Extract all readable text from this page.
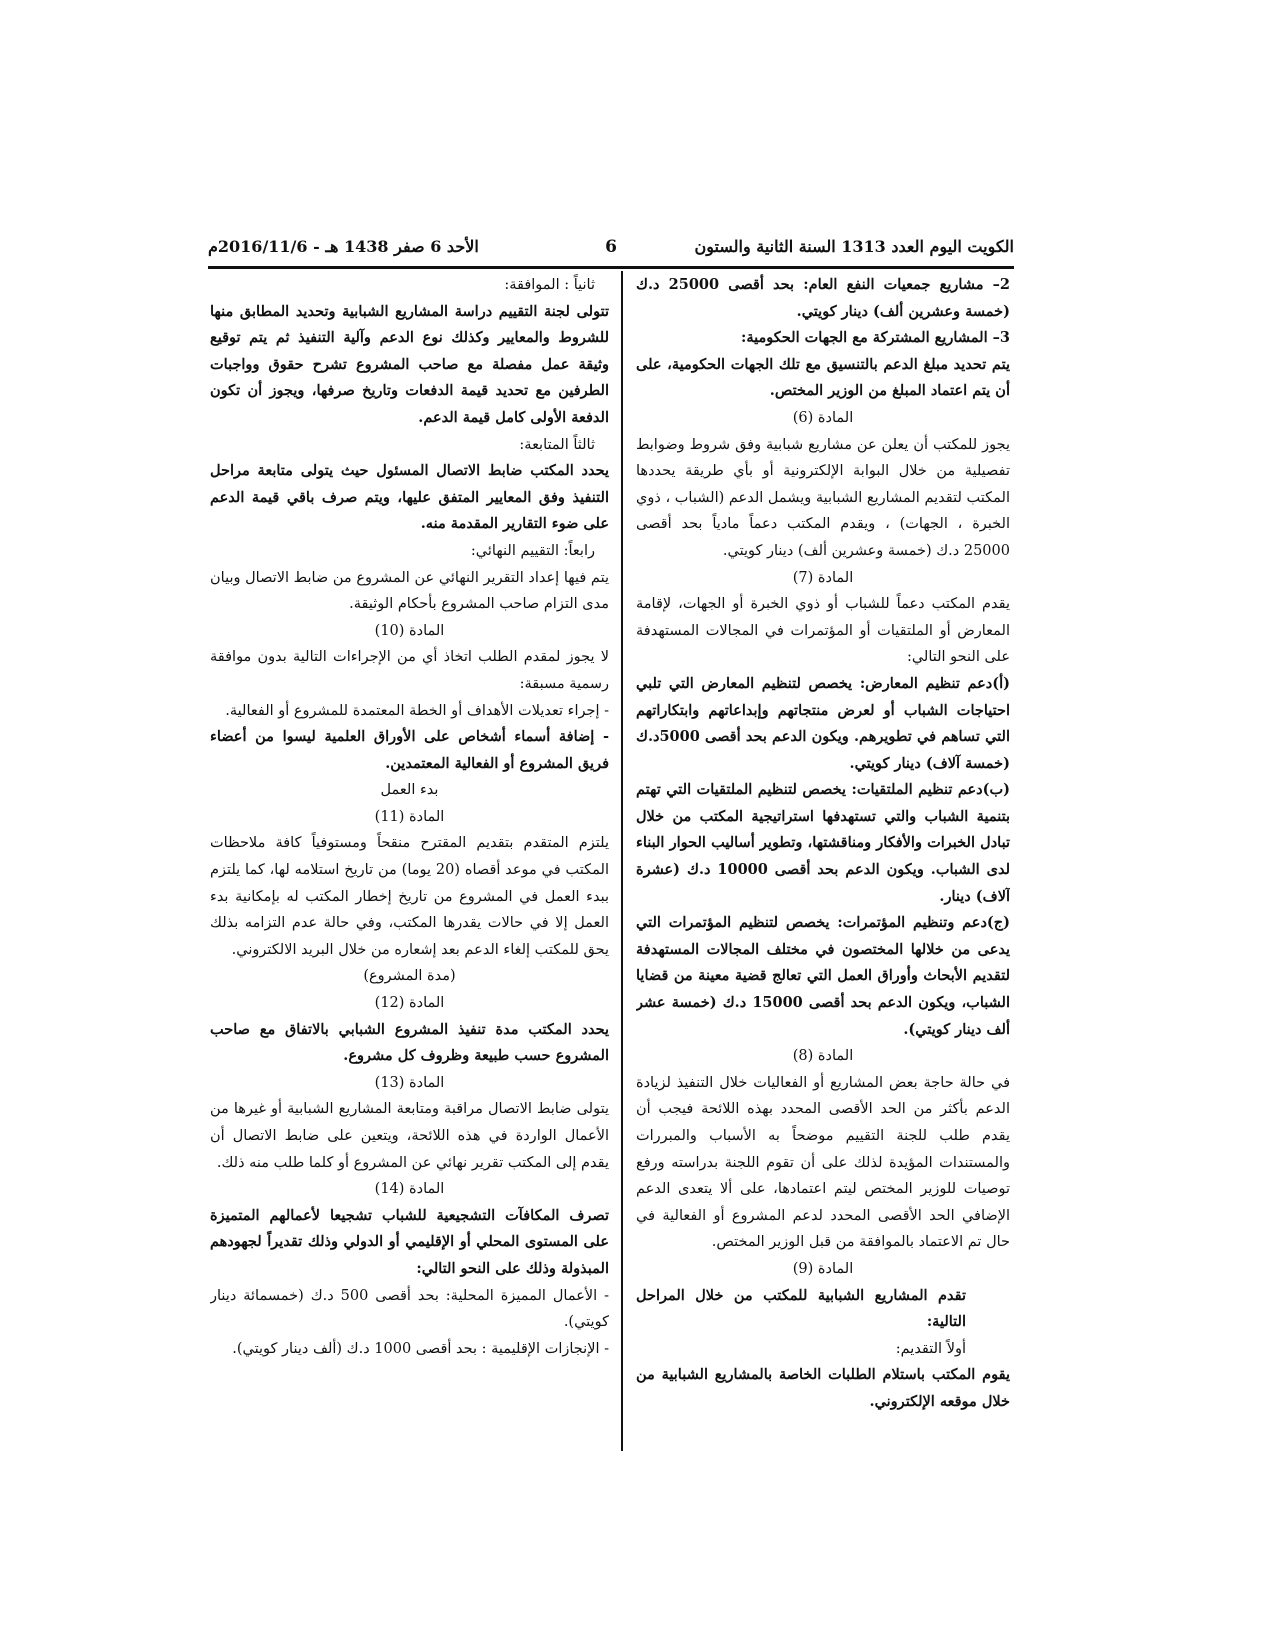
الكويت اليوم العدد 1313 السنة الثانية والستون
6
الأحد 6 صفر 1438 هـ - 2016/11/6م

2– مشاريع جمعيات النفع العام: بحد أقصى 25000 د.ك (خمسة وعشرين ألف) دينار كويتي.

3– المشاريع المشتركة مع الجهات الحكومية:

يتم تحديد مبلغ الدعم بالتنسيق مع تلك الجهات الحكومية، على أن يتم اعتماد المبلغ من الوزير المختص.

المادة (6)

يجوز للمكتب أن يعلن عن مشاريع شبابية وفق شروط وضوابط تفصيلية من خلال البوابة الإلكترونية أو بأي طريقة يحددها المكتب لتقديم المشاريع الشبابية ويشمل الدعم (الشباب ، ذوي الخبرة ، الجهات) ، ويقدم المكتب دعماً مادياً بحد أقصى 25000 د.ك (خمسة وعشرين ألف) دينار كويتي.

المادة (7)

يقدم المكتب دعماً للشباب أو ذوي الخبرة أو الجهات، لإقامة المعارض أو الملتقيات أو المؤتمرات في المجالات المستهدفة على النحو التالي:

(أ)دعم تنظيم المعارض: يخصص لتنظيم المعارض التي تلبي احتياجات الشباب أو لعرض منتجاتهم وإبداعاتهم وابتكاراتهم التي تساهم في تطويرهم. ويكون الدعم بحد أقصى 5000د.ك (خمسة آلاف) دينار كويتي.

(ب)دعم تنظيم الملتقيات: يخصص لتنظيم الملتقيات التي تهتم بتنمية الشباب والتي تستهدفها استراتيجية المكتب من خلال تبادل الخبرات والأفكار ومناقشتها، وتطوير أساليب الحوار البناء لدى الشباب. ويكون الدعم بحد أقصى 10000 د.ك (عشرة آلاف) دينار.

(ج)دعم وتنظيم المؤتمرات: يخصص لتنظيم المؤتمرات التي يدعى من خلالها المختصون في مختلف المجالات المستهدفة لتقديم الأبحاث وأوراق العمل التي تعالج قضية معينة من قضايا الشباب، ويكون الدعم بحد أقصى 15000 د.ك (خمسة عشر ألف دينار كويتي).

المادة (8)

في حالة حاجة بعض المشاريع أو الفعاليات خلال التنفيذ لزيادة الدعم بأكثر من الحد الأقصى المحدد بهذه اللائحة فيجب أن يقدم طلب للجنة التقييم موضحاً به الأسباب والمبررات والمستندات المؤيدة لذلك على أن تقوم اللجنة بدراسته ورفع توصيات للوزير المختص ليتم اعتمادها، على ألا يتعدى الدعم الإضافي الحد الأقصى المحدد لدعم المشروع أو الفعالية في حال تم الاعتماد بالموافقة من قبل الوزير المختص.

المادة (9)

تقدم المشاريع الشبابية للمكتب من خلال المراحل التالية:

أولاً التقديم:

يقوم المكتب باستلام الطلبات الخاصة بالمشاريع الشبابية من خلال موقعه الإلكتروني.

ثانياً : الموافقة:

تتولى لجنة التقييم دراسة المشاريع الشبابية وتحديد المطابق منها للشروط والمعايير وكذلك نوع الدعم وآلية التنفيذ ثم يتم توقيع وثيقة عمل مفصلة مع صاحب المشروع تشرح حقوق وواجبات الطرفين مع تحديد قيمة الدفعات وتاريخ صرفها، ويجوز أن تكون الدفعة الأولى كامل قيمة الدعم.

ثالثاً المتابعة:

يحدد المكتب ضابط الاتصال المسئول حيث يتولى متابعة مراحل التنفيذ وفق المعايير المتفق عليها، ويتم صرف باقي قيمة الدعم على ضوء التقارير المقدمة منه.

رابعاً: التقييم النهائي:

يتم فيها إعداد التقرير النهائي عن المشروع من ضابط الاتصال وبيان مدى التزام صاحب المشروع بأحكام الوثيقة.

المادة (10)

لا يجوز لمقدم الطلب اتخاذ أي من الإجراءات التالية بدون موافقة رسمية مسبقة:

- إجراء تعديلات الأهداف أو الخطة المعتمدة للمشروع أو الفعالية.

- إضافة أسماء أشخاص على الأوراق العلمية ليسوا من أعضاء فريق المشروع أو الفعالية المعتمدين.

بدء العمل

المادة (11)

يلتزم المتقدم بتقديم المقترح منقحاً ومستوفياً كافة ملاحظات المكتب في موعد أقصاه (20 يوما) من تاريخ استلامه لها، كما يلتزم ببدء العمل في المشروع من تاريخ إخطار المكتب له بإمكانية بدء العمل إلا في حالات يقدرها المكتب، وفي حالة عدم التزامه بذلك يحق للمكتب إلغاء الدعم بعد إشعاره من خلال البريد الالكتروني.

(مدة المشروع)

المادة (12)

يحدد المكتب مدة تنفيذ المشروع الشبابي بالاتفاق مع صاحب المشروع حسب طبيعة وظروف كل مشروع.

المادة (13)

يتولى ضابط الاتصال مراقبة ومتابعة المشاريع الشبابية أو غيرها من الأعمال الواردة في هذه اللائحة، ويتعين على ضابط الاتصال أن يقدم إلى المكتب تقرير نهائي عن المشروع أو كلما طلب منه ذلك.

المادة (14)

تصرف المكافآت التشجيعية للشباب تشجيعا لأعمالهم المتميزة على المستوى المحلي أو الإقليمي أو الدولي وذلك تقديراً لجهودهم المبذولة وذلك على النحو التالي:

- الأعمال المميزة المحلية: بحد أقصى 500 د.ك (خمسمائة دينار كويتي).

- الإنجازات الإقليمية : بحد أقصى 1000 د.ك (ألف دينار كويتي).
